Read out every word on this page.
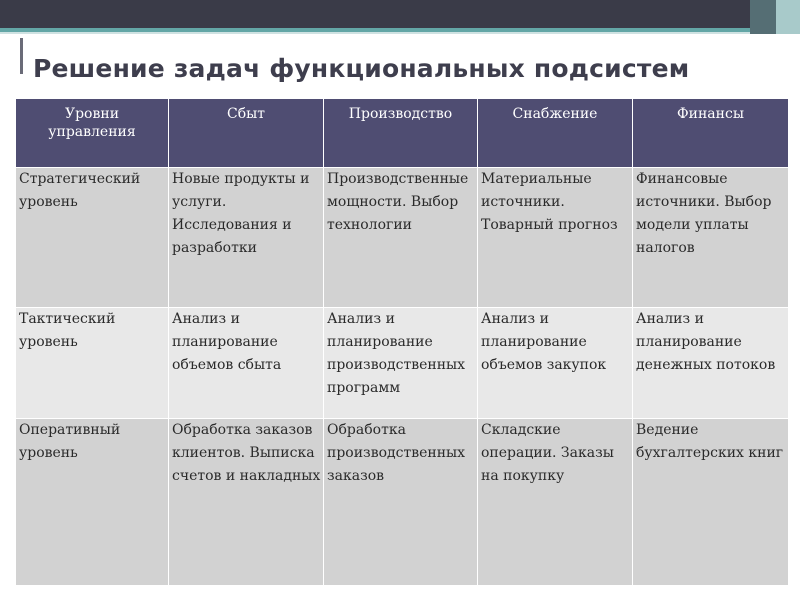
Решение задач функциональных подсистем
Уровни управления	Сбыт	Производство	Снабжение	Финансы
Стратегический уровень	Новые продукты и услуги. Исследования и разработки	Производственные мощности. Выбор технологии	Материальные источники. Товарный прогноз	Финансовые источники. Выбор модели уплаты налогов
Тактический уровень	Анализ и планирование объемов сбыта	Анализ и планирование производственных программ	Анализ и планирование объемов закупок	Анализ и планирование денежных потоков
Оперативный уровень	Обработка заказов клиентов. Выписка счетов и накладных	Обработка производственных заказов	Складские операции. Заказы на покупку	Ведение бухгалтерских книг
